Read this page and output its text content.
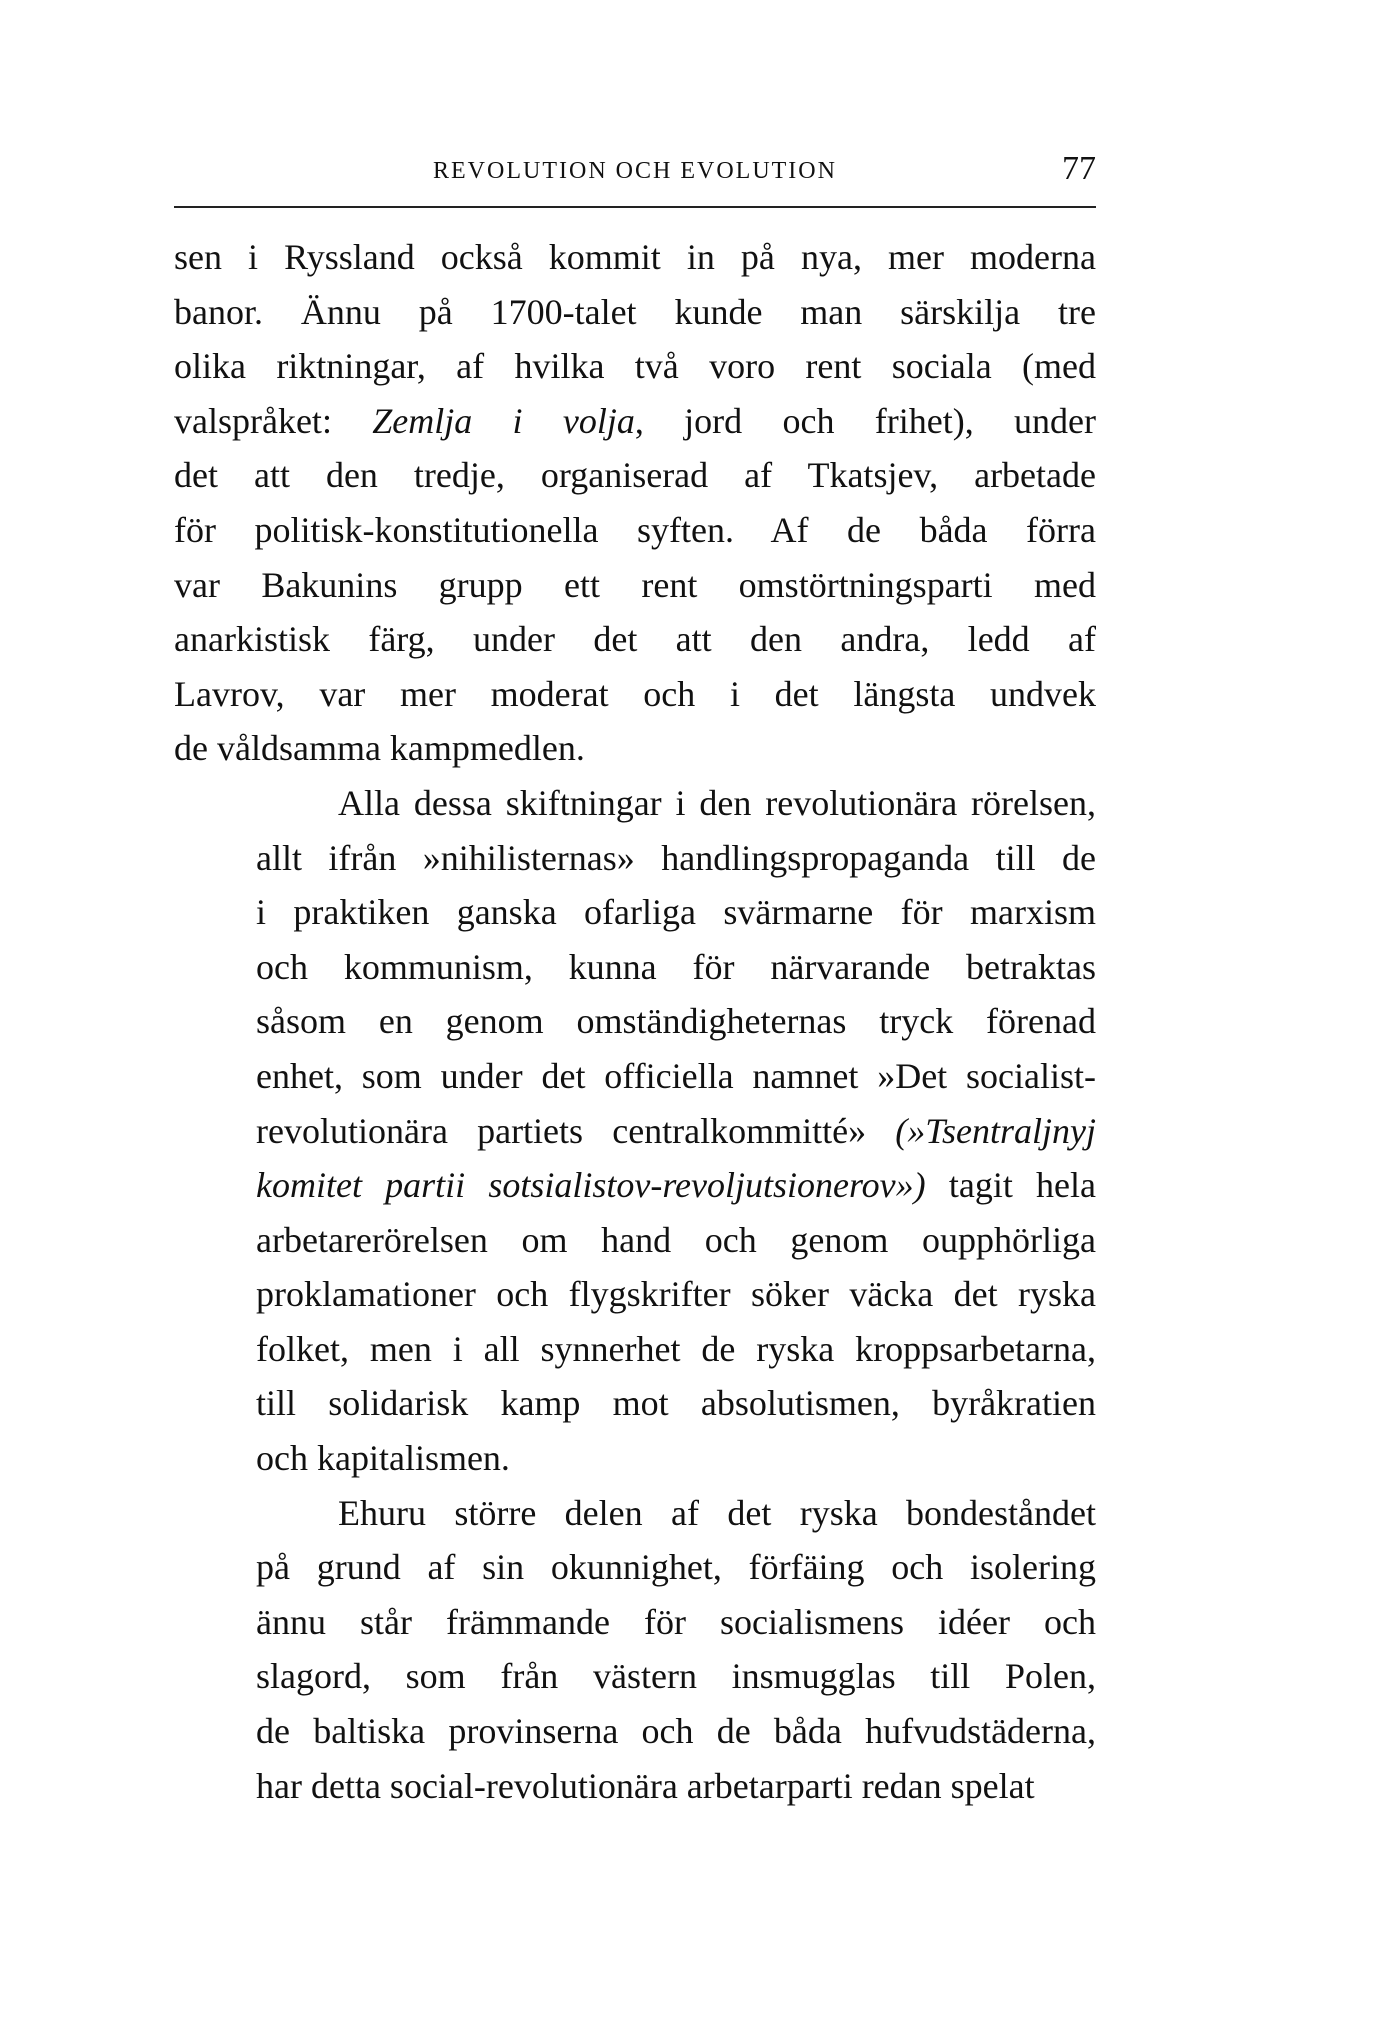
REVOLUTION OCH EVOLUTION	77
sen i Ryssland också kommit in på nya, mer moderna
banor. Ännu på 1700-talet kunde man särskilja tre
olika riktningar, af hvilka två voro rent sociala (med
valspråket: Zemlja i volja, jord och frihet), under
det att den tredje, organiserad af Tkatsjev, arbetade
för politisk-konstitutionella syften. Af de båda förra
var Bakunins grupp ett rent omstörtningsparti med
anarkistisk färg, under det att den andra, ledd af
Lavrov, var mer moderat och i det längsta undvek
de våldsamma kampmedlen.
Alla dessa skiftningar i den revolutionära rörelsen,
allt ifrån »nihilisternas» handlingspropaganda till de
i praktiken ganska ofarliga svärmarne för marxism
och kommunism, kunna för närvarande betraktas
såsom en genom omständigheternas tryck förenad
enhet, som under det officiella namnet »Det socialist-
revolutionära partiets centralkommitté» (»Tsentraljnyj
komitet partii sotsialistov-revoljutsionerov») tagit hela
arbetarerörelsen om hand och genom oupphörliga
proklamationer och flygskrifter söker väcka det ryska
folket, men i all synnerhet de ryska kroppsarbetarna,
till solidarisk kamp mot absolutismen, byråkratien
och kapitalismen.
Ehuru större delen af det ryska bondeståndet
på grund af sin okunnighet, förfäing och isolering
ännu står främmande för socialismens idéer och
slagord, som från västern insmugglas till Polen,
de baltiska provinserna och de båda hufvudstäderna,
har detta social-revolutionära arbetarparti redan spelat
